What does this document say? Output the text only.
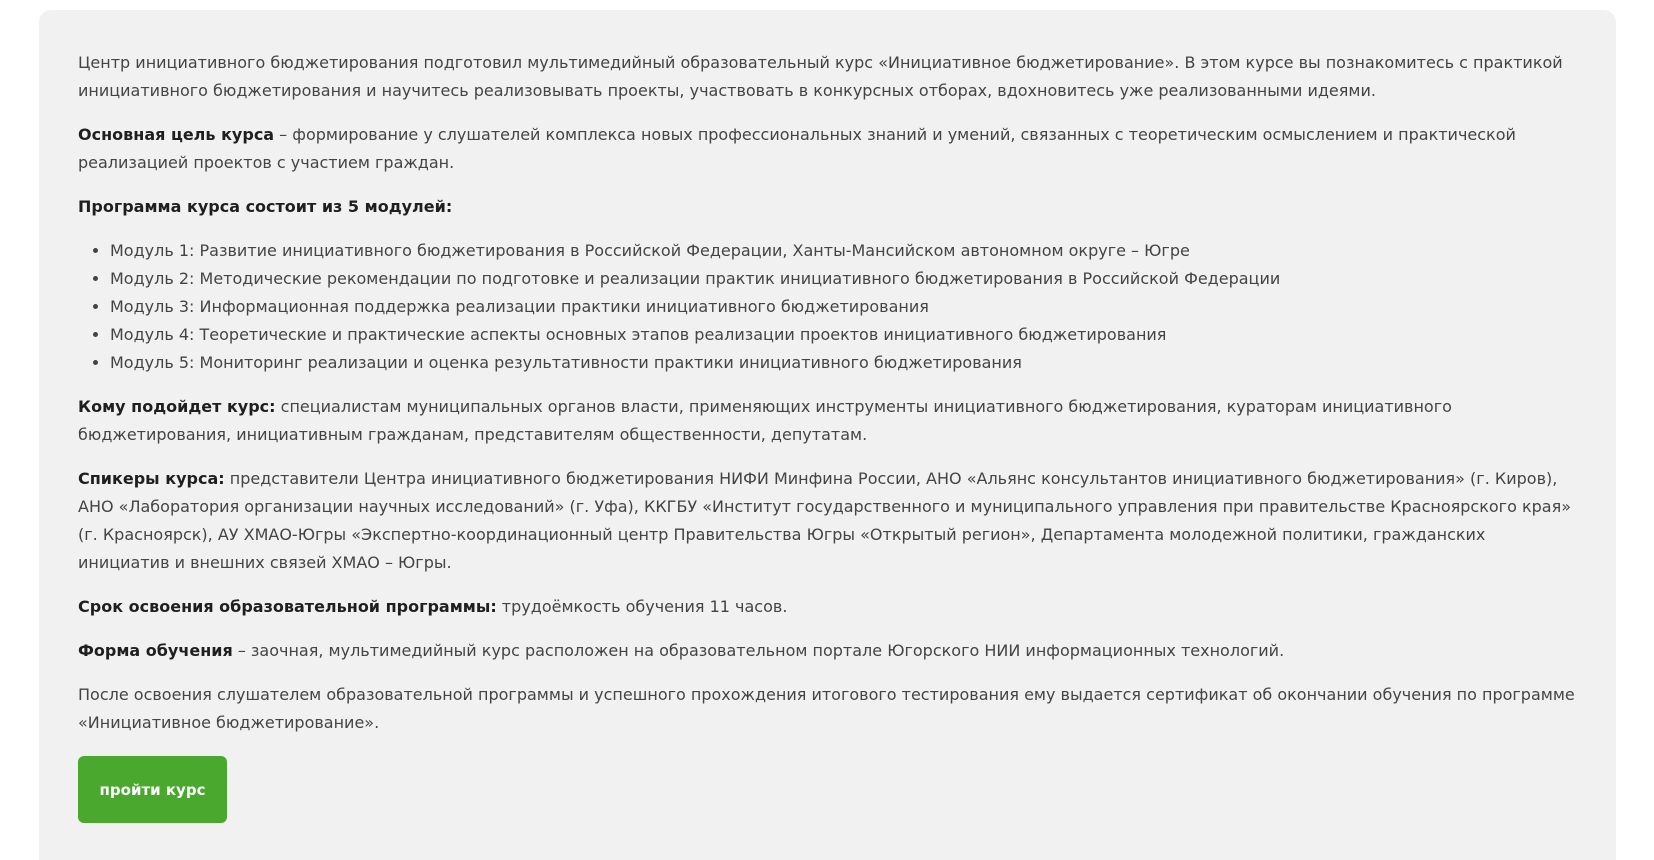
Центр инициативного бюджетирования подготовил мультимедийный образовательный курс «Инициативное бюджетирование». В этом курсе вы познакомитесь с практикой инициативного бюджетирования и научитесь реализовывать проекты, участвовать в конкурсных отборах, вдохновитесь уже реализованными идеями.

Основная цель курса – формирование у слушателей комплекса новых профессиональных знаний и умений, связанных с теоретическим осмыслением и практической реализацией проектов с участием граждан.

Программа курса состоит из 5 модулей:

• Модуль 1: Развитие инициативного бюджетирования в Российской Федерации, Ханты-Мансийском автономном округе – Югре
• Модуль 2: Методические рекомендации по подготовке и реализации практик инициативного бюджетирования в Российской Федерации
• Модуль 3: Информационная поддержка реализации практики инициативного бюджетирования
• Модуль 4: Теоретические и практические аспекты основных этапов реализации проектов инициативного бюджетирования
• Модуль 5: Мониторинг реализации и оценка результативности практики инициативного бюджетирования

Кому подойдет курс: специалистам муниципальных органов власти, применяющих инструменты инициативного бюджетирования, кураторам инициативного бюджетирования, инициативным гражданам, представителям общественности, депутатам.

Спикеры курса: представители Центра инициативного бюджетирования НИФИ Минфина России, АНО «Альянс консультантов инициативного бюджетирования» (г. Киров), АНО «Лаборатория организации научных исследований» (г. Уфа), ККГБУ «Институт государственного и муниципального управления при правительстве Красноярского края» (г. Красноярск), АУ ХМАО-Югры «Экспертно-координационный центр Правительства Югры «Открытый регион», Департамента молодежной политики, гражданских инициатив и внешних связей ХМАО – Югры.

Срок освоения образовательной программы: трудоёмкость обучения 11 часов.

Форма обучения – заочная, мультимедийный курс расположен на образовательном портале Югорского НИИ информационных технологий.

После освоения слушателем образовательной программы и успешного прохождения итогового тестирования ему выдается сертификат об окончании обучения по программе «Инициативное бюджетирование».

пройти курс
